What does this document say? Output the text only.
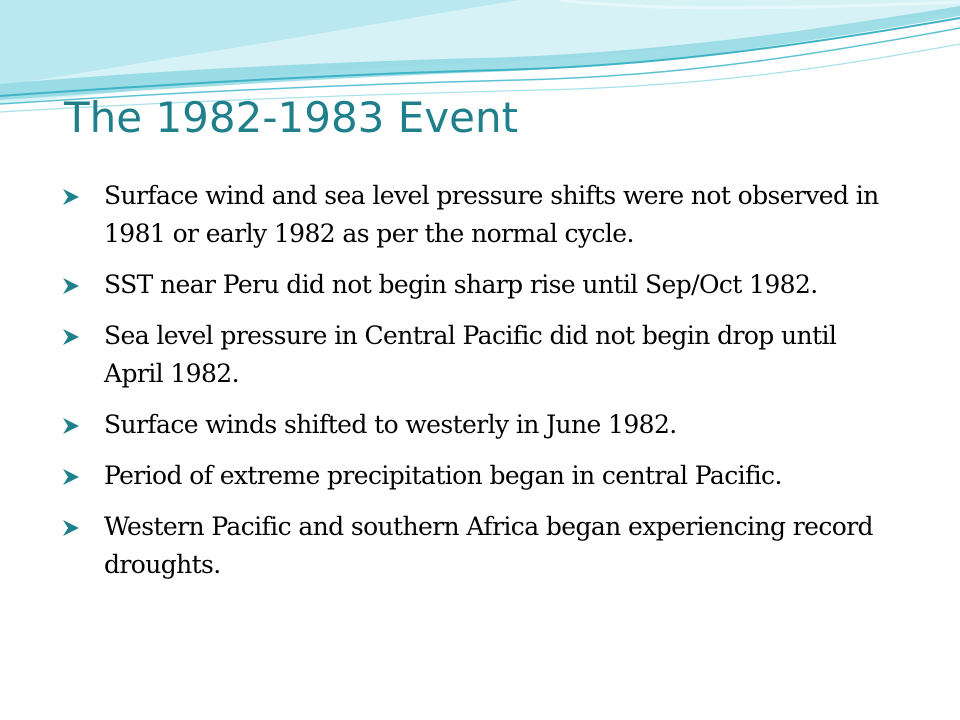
The 1982-1983 Event
Surface wind and sea level pressure shifts were not observed in 1981 or early 1982 as per the normal cycle.
SST near Peru did not begin sharp rise until Sep/Oct 1982.
Sea level pressure in Central Pacific did not begin drop until April 1982.
Surface winds shifted to westerly in June 1982.
Period of extreme precipitation began in central Pacific.
Western Pacific and southern Africa began experiencing record droughts.
